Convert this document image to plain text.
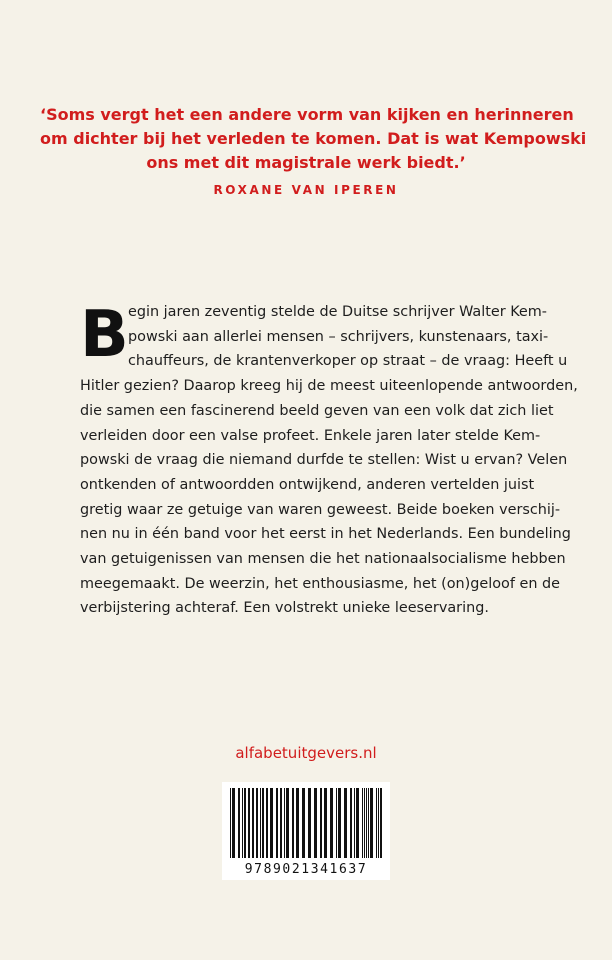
‘Soms vergt het een andere vorm van kijken en herinneren
om dichter bij het verleden te komen. Dat is wat Kempowski
ons met dit magistrale werk biedt.’
ROXANE VAN IPEREN
B egin jaren zeventig stelde de Duitse schrijver Walter Kem-
powski aan allerlei mensen – schrijvers, kunstenaars, taxi-
chauffeurs, de krantenverkoper op straat – de vraag: Heeft u
Hitler gezien? Daarop kreeg hij de meest uiteenlopende antwoorden,
die samen een fascinerend beeld geven van een volk dat zich liet
verleiden door een valse profeet. Enkele jaren later stelde Kem-
powski de vraag die niemand durfde te stellen: Wist u ervan? Velen
ontkenden of antwoordden ontwijkend, anderen vertelden juist
gretig waar ze getuige van waren geweest. Beide boeken verschij-
nen nu in één band voor het eerst in het Nederlands. Een bundeling
van getuigenissen van mensen die het nationaalsocialisme hebben
meegemaakt. De weerzin, het enthousiasme, het (on)geloof en de
verbijstering achteraf. Een volstrekt unieke leeservaring.
alfabetuitgevers.nl
9789021341637
